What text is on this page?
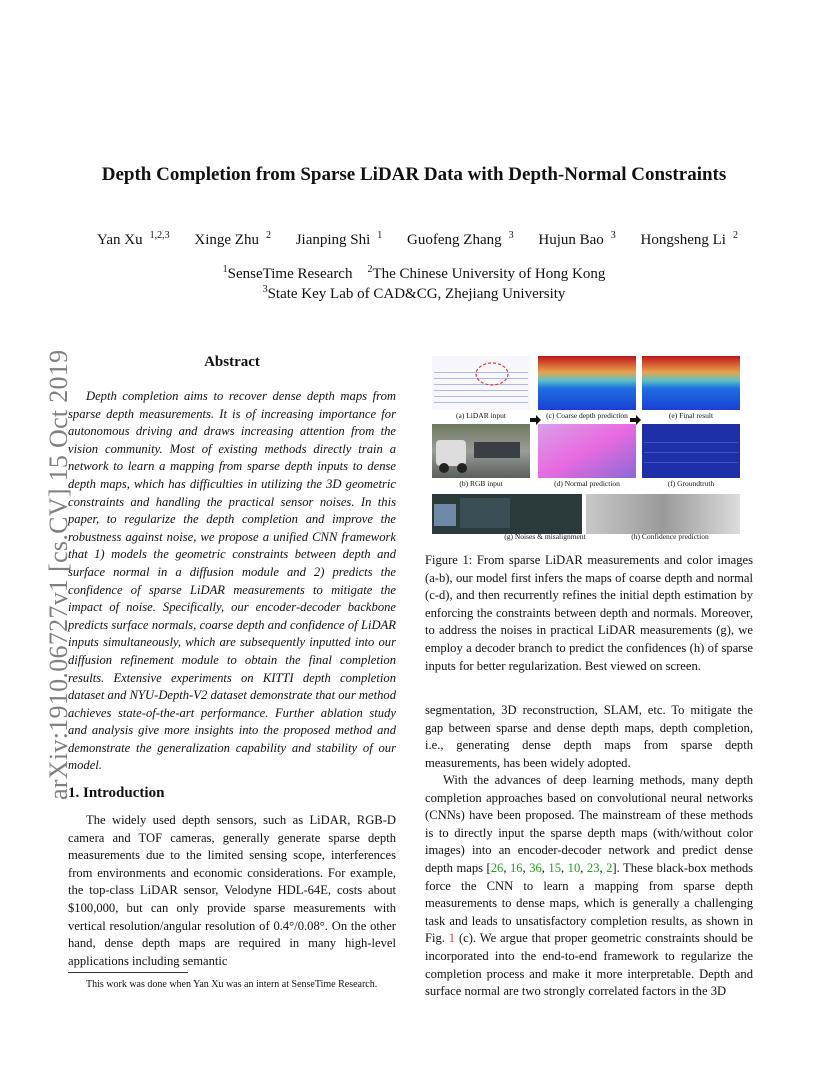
arXiv:1910.06727v1 [cs.CV] 15 Oct 2019
Depth Completion from Sparse LiDAR Data with Depth-Normal Constraints
Yan Xu $^{1,2,3}$ Xinge Zhu $^2$ Jianping Shi $^1$ Guofeng Zhang $^3$ Hujun Bao $^3$ Hongsheng Li $^2$
$^1$SenseTime Research $^2$The Chinese University of Hong Kong
$^3$State Key Lab of CAD&CG, Zhejiang University
Abstract
Depth completion aims to recover dense depth maps from sparse depth measurements. It is of increasing importance for autonomous driving and draws increasing attention from the vision community. Most of existing methods directly train a network to learn a mapping from sparse depth inputs to dense depth maps, which has difficulties in utilizing the 3D geometric constraints and handling the practical sensor noises. In this paper, to regularize the depth completion and improve the robustness against noise, we propose a unified CNN framework that 1) models the geometric constraints between depth and surface normal in a diffusion module and 2) predicts the confidence of sparse LiDAR measurements to mitigate the impact of noise. Specifically, our encoder-decoder backbone predicts surface normals, coarse depth and confidence of LiDAR inputs simultaneously, which are subsequently inputted into our diffusion refinement module to obtain the final completion results. Extensive experiments on KITTI depth completion dataset and NYU-Depth-V2 dataset demonstrate that our method achieves state-of-the-art performance. Further ablation study and analysis give more insights into the proposed method and demonstrate the generalization capability and stability of our model.
1. Introduction
The widely used depth sensors, such as LiDAR, RGB-D camera and TOF cameras, generally generate sparse depth measurements due to the limited sensing scope, interferences from environments and economic considerations. For example, the top-class LiDAR sensor, Velodyne HDL-64E, costs about $100,000, but can only provide sparse measurements with vertical resolution/angular resolution of 0.4°/0.08°. On the other hand, dense depth maps are required in many high-level applications including semantic
This work was done when Yan Xu was an intern at SenseTime Research.
(a) LiDAR input	(c) Coarse depth prediction	(e) Final result
(b) RGB input	(d) Normal prediction	(f) Groundtruth
(g) Noises & misalignment	(h) Confidence prediction
Figure 1: From sparse LiDAR measurements and color images (a-b), our model first infers the maps of coarse depth and normal (c-d), and then recurrently refines the initial depth estimation by enforcing the constraints between depth and normals. Moreover, to address the noises in practical LiDAR measurements (g), we employ a decoder branch to predict the confidences (h) of sparse inputs for better regularization. Best viewed on screen.
segmentation, 3D reconstruction, SLAM, etc. To mitigate the gap between sparse and dense depth maps, depth completion, i.e., generating dense depth maps from sparse depth measurements, has been widely adopted.
With the advances of deep learning methods, many depth completion approaches based on convolutional neural networks (CNNs) have been proposed. The mainstream of these methods is to directly input the sparse depth maps (with/without color images) into an encoder-decoder network and predict dense depth maps [26, 16, 36, 15, 10, 23, 2]. These black-box methods force the CNN to learn a mapping from sparse depth measurements to dense maps, which is generally a challenging task and leads to unsatisfactory completion results, as shown in Fig. 1 (c). We argue that proper geometric constraints should be incorporated into the end-to-end framework to regularize the completion process and make it more interpretable. Depth and surface normal are two strongly correlated factors in the 3D
